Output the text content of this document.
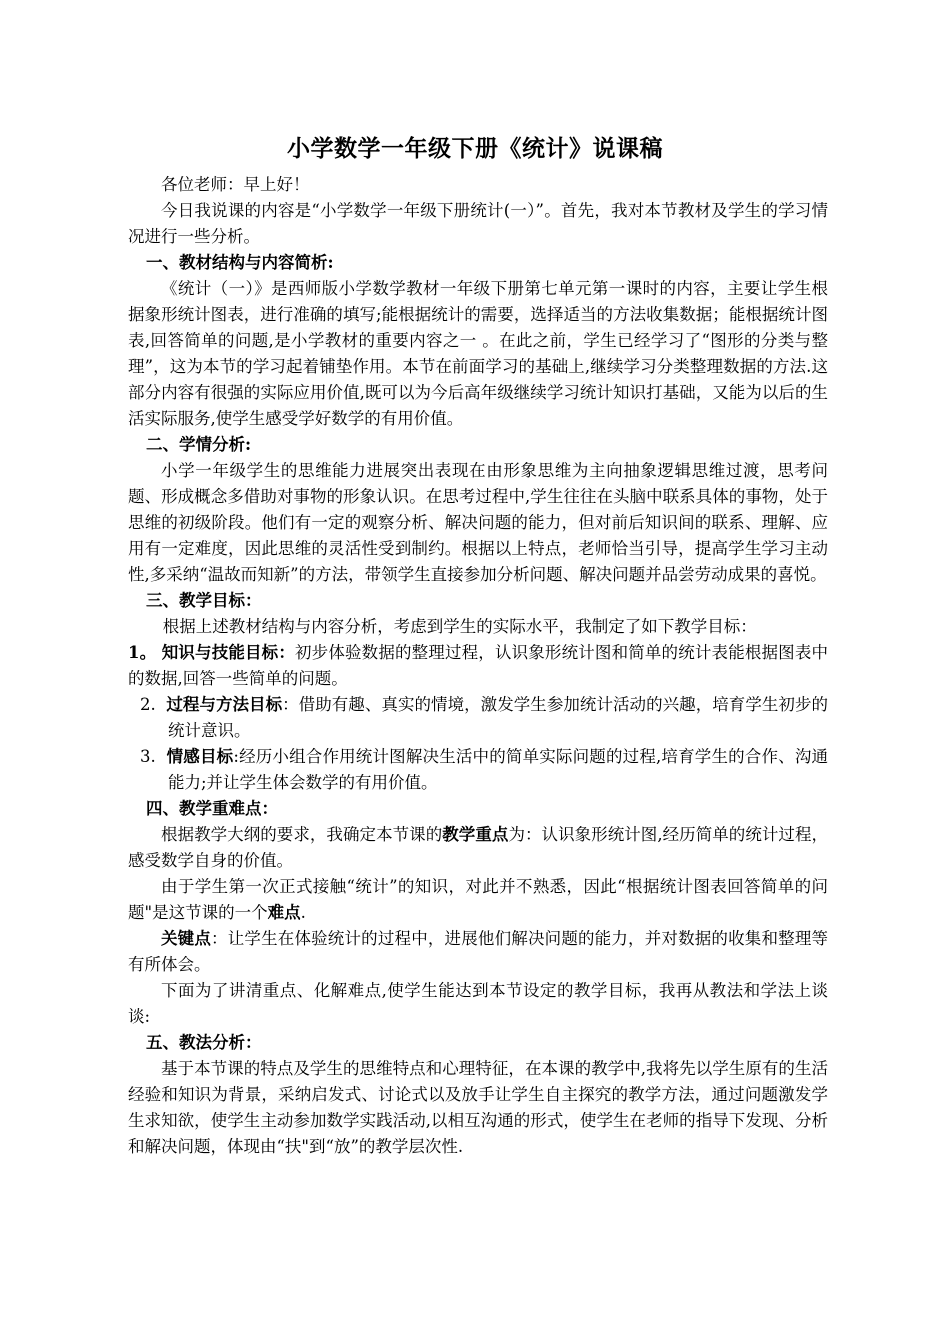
小学数学一年级下册《统计》说课稿

各位老师：早上好！

今日我说课的内容是“小学数学一年级下册统计(一）”。首先，我对本节教材及学生的学习情况进行一些分析。

一、教材结构与内容简析:

《统计（一）》是西师版小学数学教材一年级下册第七单元第一课时的内容，主要让学生根据象形统计图表，进行准确的填写;能根据统计的需要，选择适当的方法收集数据；能根据统计图表,回答简单的问题,是小学教材的重要内容之一 。在此之前，学生已经学习了“图形的分类与整理”，这为本节的学习起着铺垫作用。本节在前面学习的基础上,继续学习分类整理数据的方法.这部分内容有很强的实际应用价值,既可以为今后高年级继续学习统计知识打基础，又能为以后的生活实际服务,使学生感受学好数学的有用价值。

二、学情分析:

小学一年级学生的思维能力进展突出表现在由形象思维为主向抽象逻辑思维过渡，思考问题、形成概念多借助对事物的形象认识。在思考过程中,学生往往在头脑中联系具体的事物，处于思维的初级阶段。他们有一定的观察分析、解决问题的能力，但对前后知识间的联系、理解、应用有一定难度，因此思维的灵活性受到制约。根据以上特点，老师恰当引导，提高学生学习主动性,多采纳“温故而知新”的方法，带领学生直接参加分析问题、解决问题并品尝劳动成果的喜悦。

三、教学目标：

根据上述教材结构与内容分析，考虑到学生的实际水平，我制定了如下教学目标：

1。 知识与技能目标：初步体验数据的整理过程，认识象形统计图和简单的统计表能根据图表中的数据,回答一些简单的问题。

2. 过程与方法目标：借助有趣、真实的情境，激发学生参加统计活动的兴趣，培育学生初步的统计意识。

3. 情感目标:经历小组合作用统计图解决生活中的简单实际问题的过程,培育学生的合作、沟通能力;并让学生体会数学的有用价值。

四、教学重难点：

根据教学大纲的要求，我确定本节课的教学重点为：认识象形统计图,经历简单的统计过程，感受数学自身的价值。

由于学生第一次正式接触“统计”的知识，对此并不熟悉，因此“根据统计图表回答简单的问题"是这节课的一个难点.

关键点：让学生在体验统计的过程中，进展他们解决问题的能力，并对数据的收集和整理等有所体会。

下面为了讲清重点、化解难点,使学生能达到本节设定的教学目标，我再从教法和学法上谈谈:

五、教法分析：

基于本节课的特点及学生的思维特点和心理特征，在本课的教学中,我将先以学生原有的生活经验和知识为背景，采纳启发式、讨论式以及放手让学生自主探究的教学方法，通过问题激发学生求知欲，使学生主动参加数学实践活动,以相互沟通的形式，使学生在老师的指导下发现、分析和解决问题，体现由“扶"到“放”的教学层次性.
